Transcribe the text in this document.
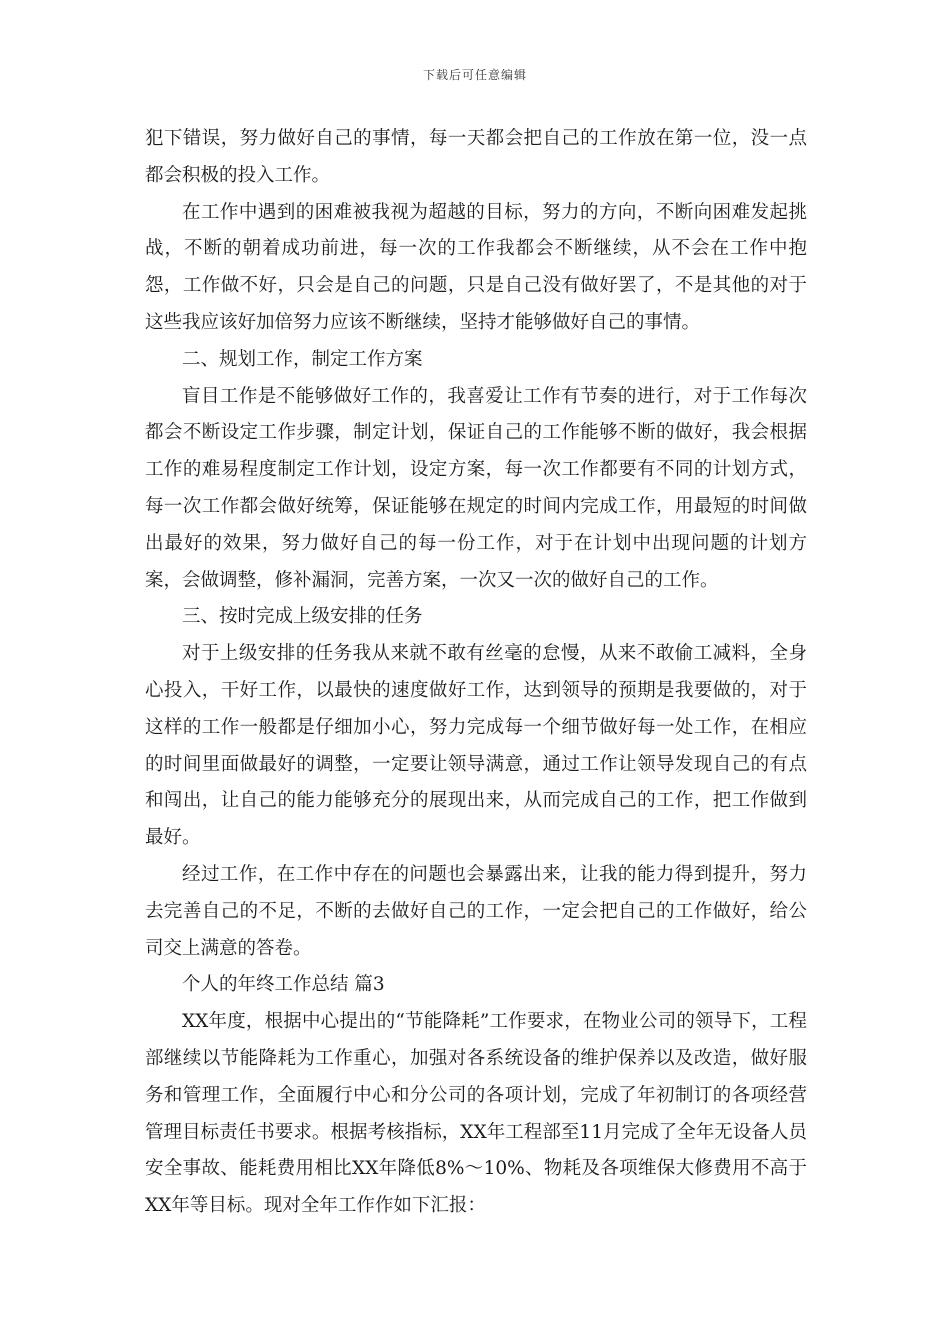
下载后可任意编辑

犯下错误，努力做好自己的事情，每一天都会把自己的工作放在第一位，没一点都会积极的投入工作。

在工作中遇到的困难被我视为超越的目标，努力的方向，不断向困难发起挑战，不断的朝着成功前进，每一次的工作我都会不断继续，从不会在工作中抱怨，工作做不好，只会是自己的问题，只是自己没有做好罢了，不是其他的对于这些我应该好加倍努力应该不断继续，坚持才能够做好自己的事情。

二、规划工作，制定工作方案

盲目工作是不能够做好工作的，我喜爱让工作有节奏的进行，对于工作每次都会不断设定工作步骤，制定计划，保证自己的工作能够不断的做好，我会根据工作的难易程度制定工作计划，设定方案，每一次工作都要有不同的计划方式，每一次工作都会做好统筹，保证能够在规定的时间内完成工作，用最短的时间做出最好的效果，努力做好自己的每一份工作，对于在计划中出现问题的计划方案，会做调整，修补漏洞，完善方案，一次又一次的做好自己的工作。

三、按时完成上级安排的任务

对于上级安排的任务我从来就不敢有丝毫的怠慢，从来不敢偷工减料，全身心投入，干好工作，以最快的速度做好工作，达到领导的预期是我要做的，对于这样的工作一般都是仔细加小心，努力完成每一个细节做好每一处工作，在相应的时间里面做最好的调整，一定要让领导满意，通过工作让领导发现自己的有点和闯出，让自己的能力能够充分的展现出来，从而完成自己的工作，把工作做到最好。

经过工作，在工作中存在的问题也会暴露出来，让我的能力得到提升，努力去完善自己的不足，不断的去做好自己的工作，一定会把自己的工作做好，给公司交上满意的答卷。

个人的年终工作总结 篇3

XX年度，根据中心提出的“节能降耗”工作要求，在物业公司的领导下，工程部继续以节能降耗为工作重心，加强对各系统设备的维护保养以及改造，做好服务和管理工作，全面履行中心和分公司的各项计划，完成了年初制订的各项经营管理目标责任书要求。根据考核指标，XX年工程部至11月完成了全年无设备人员安全事故、能耗费用相比XX年降低8%～10%、物耗及各项维保大修费用不高于XX年等目标。现对全年工作作如下汇报：
